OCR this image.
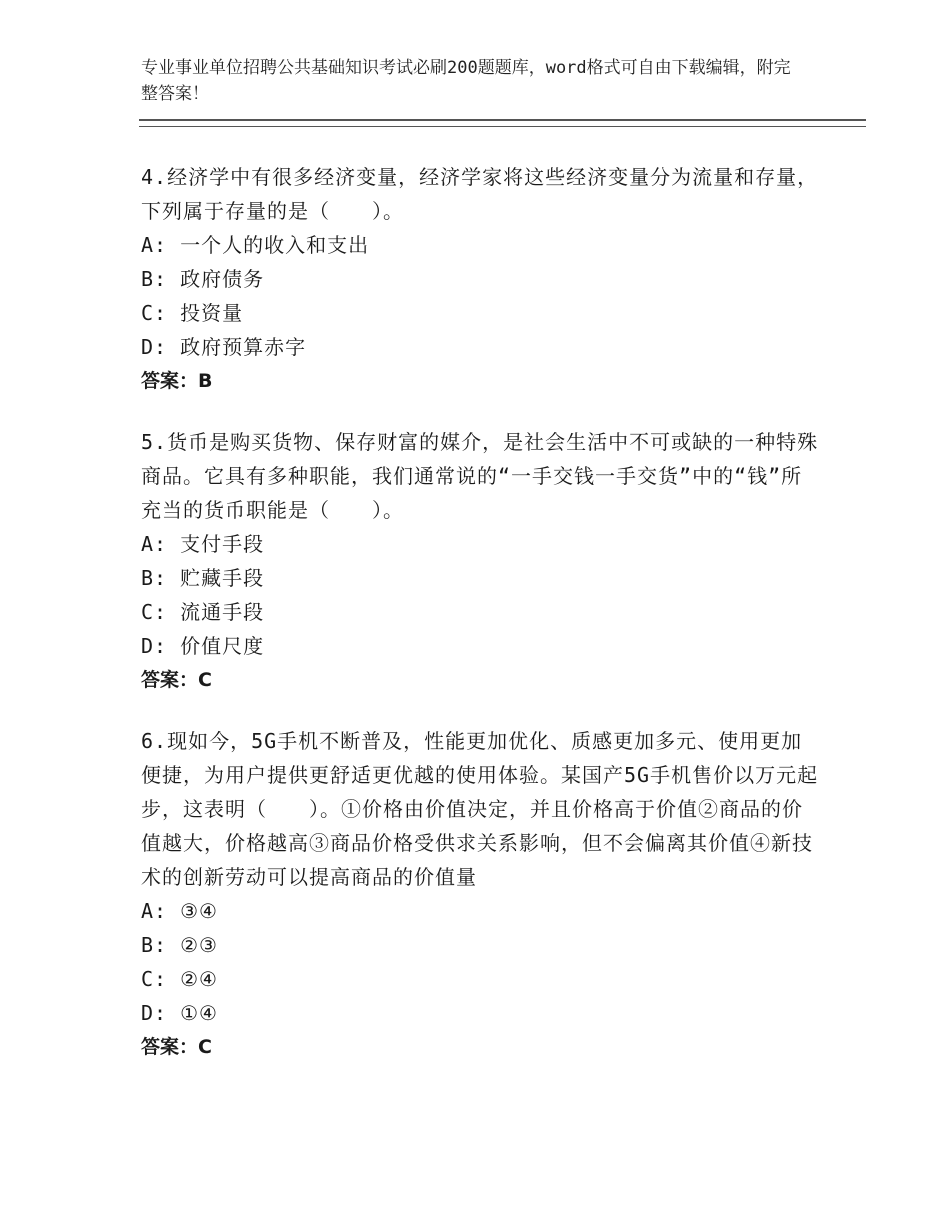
专业事业单位招聘公共基础知识考试必刷200题题库，word格式可自由下载编辑，附完整答案！

4.经济学中有很多经济变量，经济学家将这些经济变量分为流量和存量，下列属于存量的是（　　）。

A: 一个人的收入和支出

B: 政府债务

C: 投资量

D: 政府预算赤字

答案：B

5.货币是购买货物、保存财富的媒介，是社会生活中不可或缺的一种特殊商品。它具有多种职能，我们通常说的“一手交钱一手交货”中的“钱”所充当的货币职能是（　　）。

A: 支付手段

B: 贮藏手段

C: 流通手段

D: 价值尺度

答案：C

6.现如今，5G手机不断普及，性能更加优化、质感更加多元、使用更加便捷，为用户提供更舒适更优越的使用体验。某国产5G手机售价以万元起步，这表明（　　）。①价格由价值决定，并且价格高于价值②商品的价值越大，价格越高③商品价格受供求关系影响，但不会偏离其价值④新技术的创新劳动可以提高商品的价值量

A: ③④

B: ②③

C: ②④

D: ①④

答案：C
